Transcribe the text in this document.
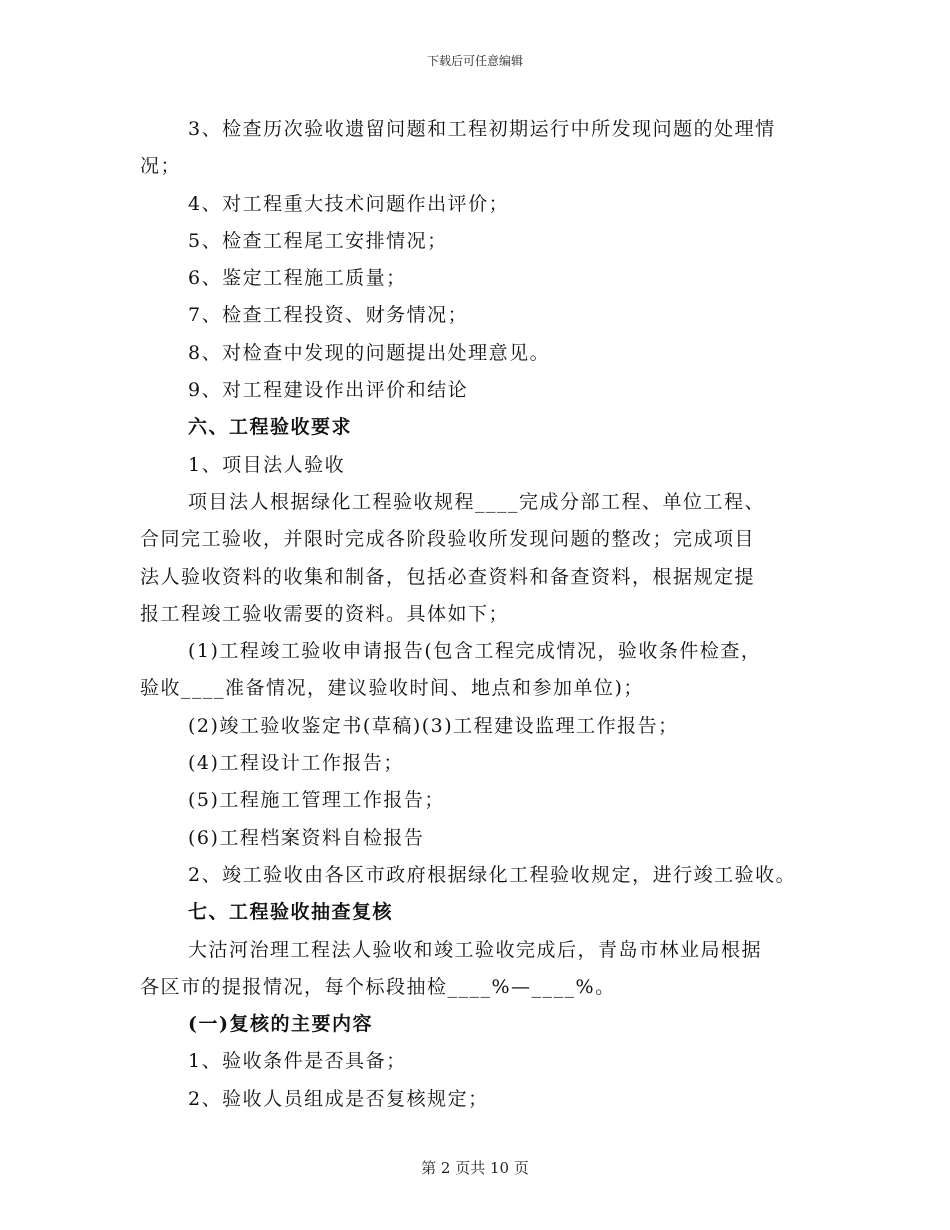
下载后可任意编辑

3、检查历次验收遗留问题和工程初期运行中所发现问题的处理情

况；

4、对工程重大技术问题作出评价；

5、检查工程尾工安排情况；

6、鉴定工程施工质量；

7、检查工程投资、财务情况；

8、对检查中发现的问题提出处理意见。

9、对工程建设作出评价和结论

六、工程验收要求

1、项目法人验收

项目法人根据绿化工程验收规程____完成分部工程、单位工程、

合同完工验收，并限时完成各阶段验收所发现问题的整改；完成项目

法人验收资料的收集和制备，包括必查资料和备查资料，根据规定提

报工程竣工验收需要的资料。具体如下；

(1)工程竣工验收申请报告(包含工程完成情况，验收条件检查，

验收____准备情况，建议验收时间、地点和参加单位)；

(2)竣工验收鉴定书(草稿)(3)工程建设监理工作报告；

(4)工程设计工作报告；

(5)工程施工管理工作报告；

(6)工程档案资料自检报告

2、竣工验收由各区市政府根据绿化工程验收规定，进行竣工验收。

七、工程验收抽查复核

大沽河治理工程法人验收和竣工验收完成后，青岛市林业局根据

各区市的提报情况，每个标段抽检____%—____%。

(一)复核的主要内容

1、验收条件是否具备；

2、验收人员组成是否复核规定；

第 2 页共 10 页
